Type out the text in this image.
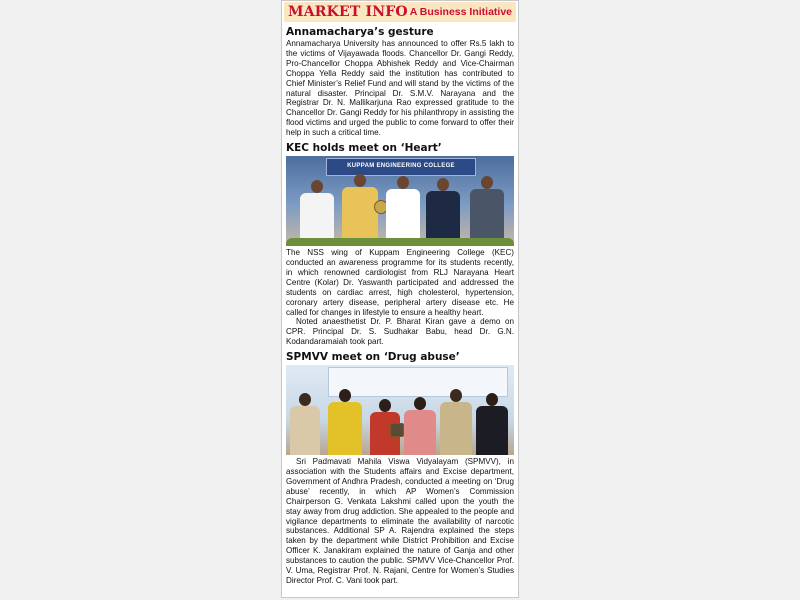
MARKET INFO A Business Initiative
Annamacharya’s gesture

Annamacharya University has announced to offer Rs.5 lakh to the victims of Vijayawada floods. Chancellor Dr. Gangi Reddy, Pro-Chancellor Choppa Abhishek Reddy and Vice-Chairman Choppa Yella Reddy said the institution has contributed to Chief Minister’s Relief Fund and will stand by the victims of the natural disaster. Principal Dr. S.M.V. Narayana and the Registrar Dr. N. Mallikarjuna Rao expressed gratitude to the Chancellor Dr. Gangi Reddy for his philanthropy in assisting the flood victims and urged the public to come forward to offer their help in such a critical time.

KEC holds meet on ‘Heart’
KUPPAM ENGINEERING COLLEGE

The NSS wing of Kuppam Engineering College (KEC) conducted an awareness programme for its students recently, in which renowned cardiologist from RLJ Narayana Heart Centre (Kolar) Dr. Yaswanth participated and addressed the students on cardiac arrest, high cholesterol, hypertension, coronary artery disease, peripheral artery disease etc. He called for changes in lifestyle to ensure a healthy heart.

Noted anaesthetist Dr. P. Bharat Kiran gave a demo on CPR. Principal Dr. S. Sudhakar Babu, head Dr. G.N. Kodandaramaiah took part.

SPMVV meet on ‘Drug abuse’

Sri Padmavati Mahila Viswa Vidyalayam (SPMVV), in association with the Students affairs and Excise department, Government of Andhra Pradesh, conducted a meeting on ‘Drug abuse’ recently, in which AP Women’s Commission Chairperson G. Venkata Lakshmi called upon the youth the stay away from drug addiction. She appealed to the people and vigilance departments to eliminate the availability of narcotic substances. Additional SP A. Rajendra explained the steps taken by the department while District Prohibition and Excise Officer K. Janakiram explained the nature of Ganja and other substances to caution the public. SPMVV Vice-Chancellor Prof. V. Uma, Registrar Prof. N. Rajani, Centre for Women’s Studies Director Prof. C. Vani took part.
